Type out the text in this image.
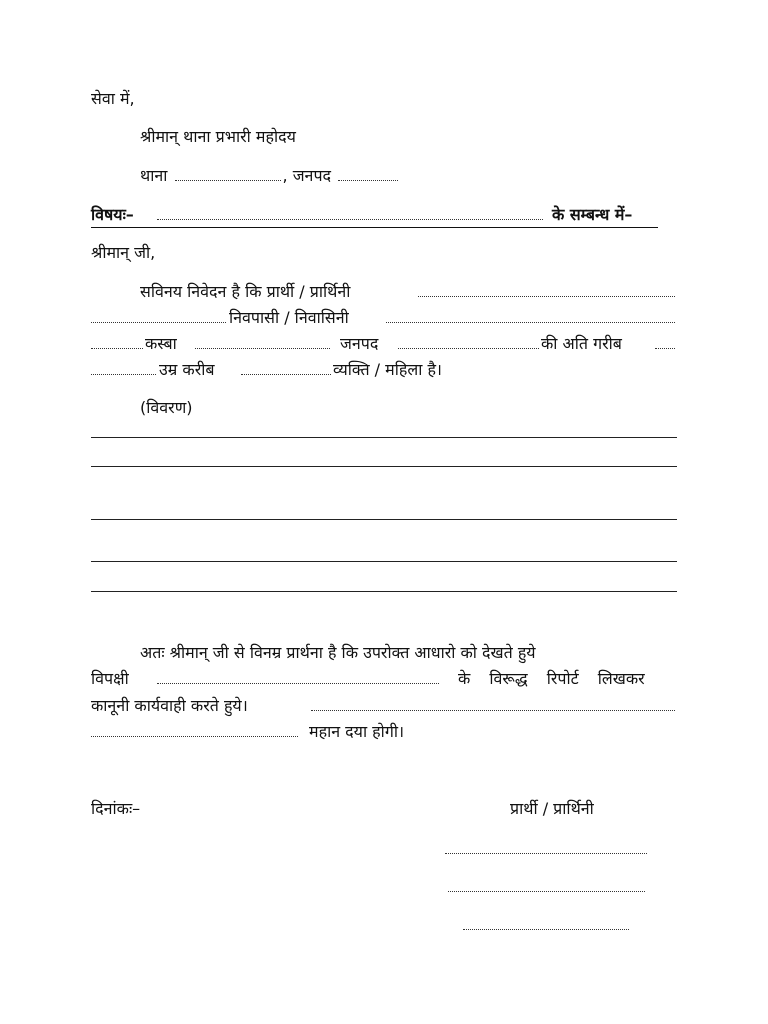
सेवा में,
श्रीमान् थाना प्रभारी महोदय
थाना	, जनपद
विषयः–	के सम्बन्ध में–
श्रीमान् जी,
सविनय निवेदन है कि प्रार्थी / प्रार्थिनी
निवपासी / निवासिनी
कस्बा	जनपद	की अति गरीब
उम्र करीब	व्यक्ति / महिला है।
(विवरण)
अतः श्रीमान् जी से विनम्र प्रार्थना है कि उपरोक्त आधारो को देखते हुये
विपक्षी	के विरूद्ध रिपोर्ट लिखकर
कानूनी कार्यवाही करते हुये।
महान दया होगी।
दिनांकः–	प्रार्थी / प्रार्थिनी
